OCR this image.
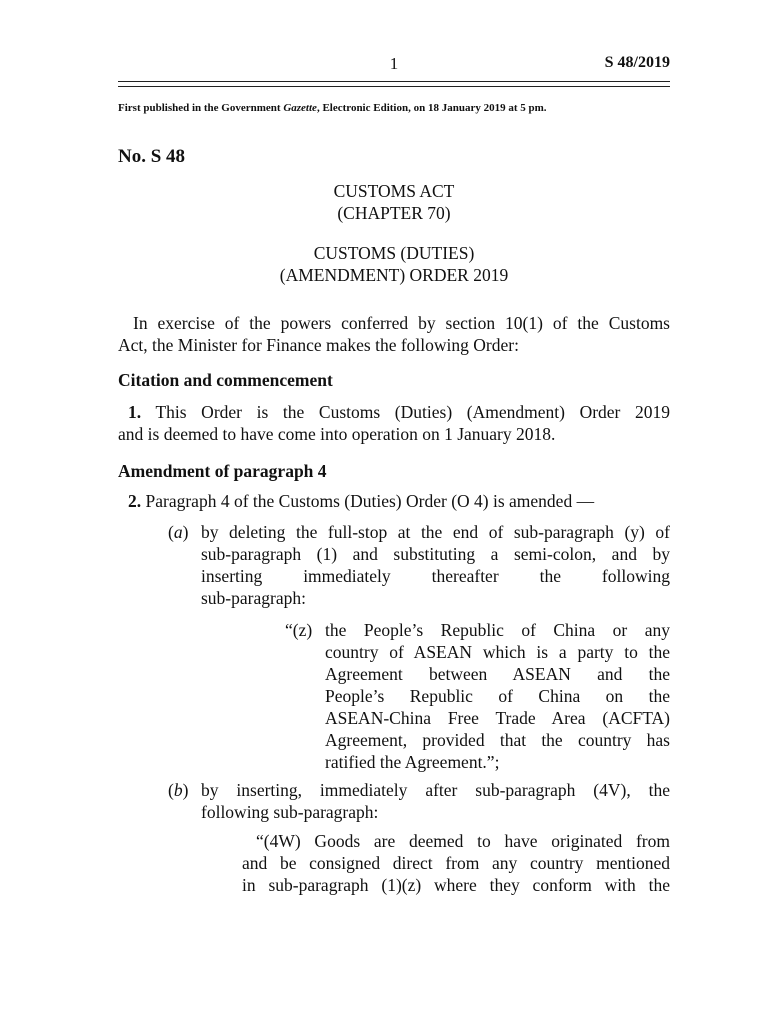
1	S 48/2019
First published in the Government Gazette, Electronic Edition, on 18 January 2019 at 5 pm.
No. S 48
CUSTOMS ACT
(CHAPTER 70)
CUSTOMS (DUTIES)
(AMENDMENT) ORDER 2019
In exercise of the powers conferred by section 10(1) of the Customs
Act, the Minister for Finance makes the following Order:
Citation and commencement
1. This Order is the Customs (Duties) (Amendment) Order 2019
and is deemed to have come into operation on 1 January 2018.
Amendment of paragraph 4
2. Paragraph 4 of the Customs (Duties) Order (O 4) is amended —
(a) by deleting the full-stop at the end of sub-paragraph (y) of
sub-paragraph (1) and substituting a semi-colon, and by
inserting immediately thereafter the following
sub-paragraph:
“(z) the People’s Republic of China or any
country of ASEAN which is a party to the
Agreement between ASEAN and the
People’s Republic of China on the
ASEAN-China Free Trade Area (ACFTA)
Agreement, provided that the country has
ratified the Agreement.”;
(b) by inserting, immediately after sub-paragraph (4V), the
following sub-paragraph:
“(4W) Goods are deemed to have originated from
and be consigned direct from any country mentioned
in sub-paragraph (1)(z) where they conform with the
